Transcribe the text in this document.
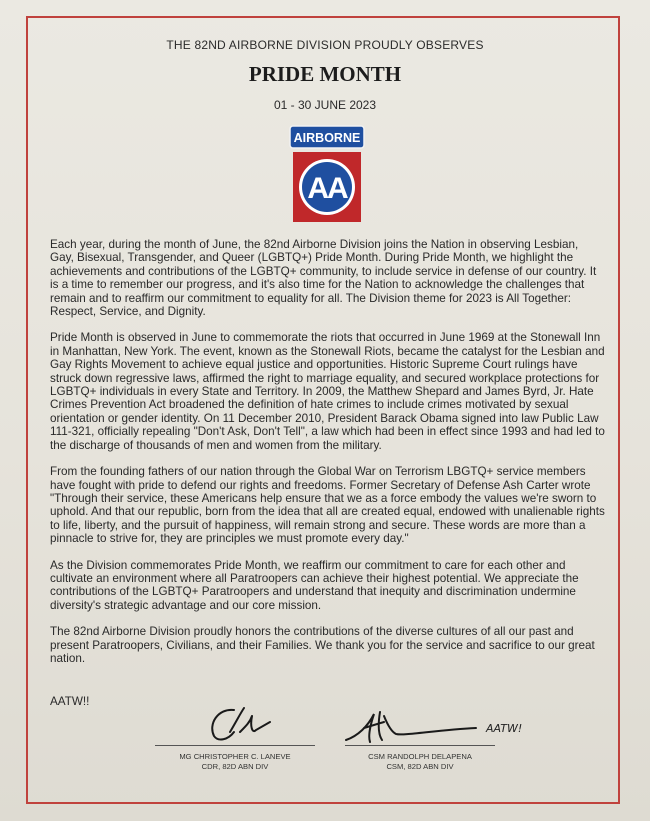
THE 82ND AIRBORNE DIVISION PROUDLY OBSERVES
PRIDE MONTH
01 - 30 JUNE 2023
AIRBORNE
AA

Each year, during the month of June, the 82nd Airborne Division joins the Nation in observing Lesbian, Gay, Bisexual, Transgender, and Queer (LGBTQ+) Pride Month. During Pride Month, we highlight the achievements and contributions of the LGBTQ+ community, to include service in defense of our country. It is a time to remember our progress, and it's also time for the Nation to acknowledge the challenges that remain and to reaffirm our commitment to equality for all. The Division theme for 2023 is All Together: Respect, Service, and Dignity.

Pride Month is observed in June to commemorate the riots that occurred in June 1969 at the Stonewall Inn in Manhattan, New York. The event, known as the Stonewall Riots, became the catalyst for the Lesbian and Gay Rights Movement to achieve equal justice and opportunities. Historic Supreme Court rulings have struck down regressive laws, affirmed the right to marriage equality, and secured workplace protections for LGBTQ+ individuals in every State and Territory. In 2009, the Matthew Shepard and James Byrd, Jr. Hate Crimes Prevention Act broadened the definition of hate crimes to include crimes motivated by sexual orientation or gender identity. On 11 December 2010, President Barack Obama signed into law Public Law 111-321, officially repealing "Don't Ask, Don't Tell", a law which had been in effect since 1993 and had led to the discharge of thousands of men and women from the military.

From the founding fathers of our nation through the Global War on Terrorism LBGTQ+ service members have fought with pride to defend our rights and freedoms. Former Secretary of Defense Ash Carter wrote "Through their service, these Americans help ensure that we as a force embody the values we're sworn to uphold. And that our republic, born from the idea that all are created equal, endowed with unalienable rights to life, liberty, and the pursuit of happiness, will remain strong and secure. These words are more than a pinnacle to strive for, they are principles we must promote every day."

As the Division commemorates Pride Month, we reaffirm our commitment to care for each other and cultivate an environment where all Paratroopers can achieve their highest potential. We appreciate the contributions of the LGBTQ+ Paratroopers and understand that inequity and discrimination undermine diversity's strategic advantage and our core mission.

The 82nd Airborne Division proudly honors the contributions of the diverse cultures of all our past and present Paratroopers, Civilians, and their Families. We thank you for the service and sacrifice to our great nation.

AATW!!
AATW!
MG CHRISTOPHER C. LANEVE
CDR, 82D ABN DIV
CSM RANDOLPH DELAPENA
CSM, 82D ABN DIV
